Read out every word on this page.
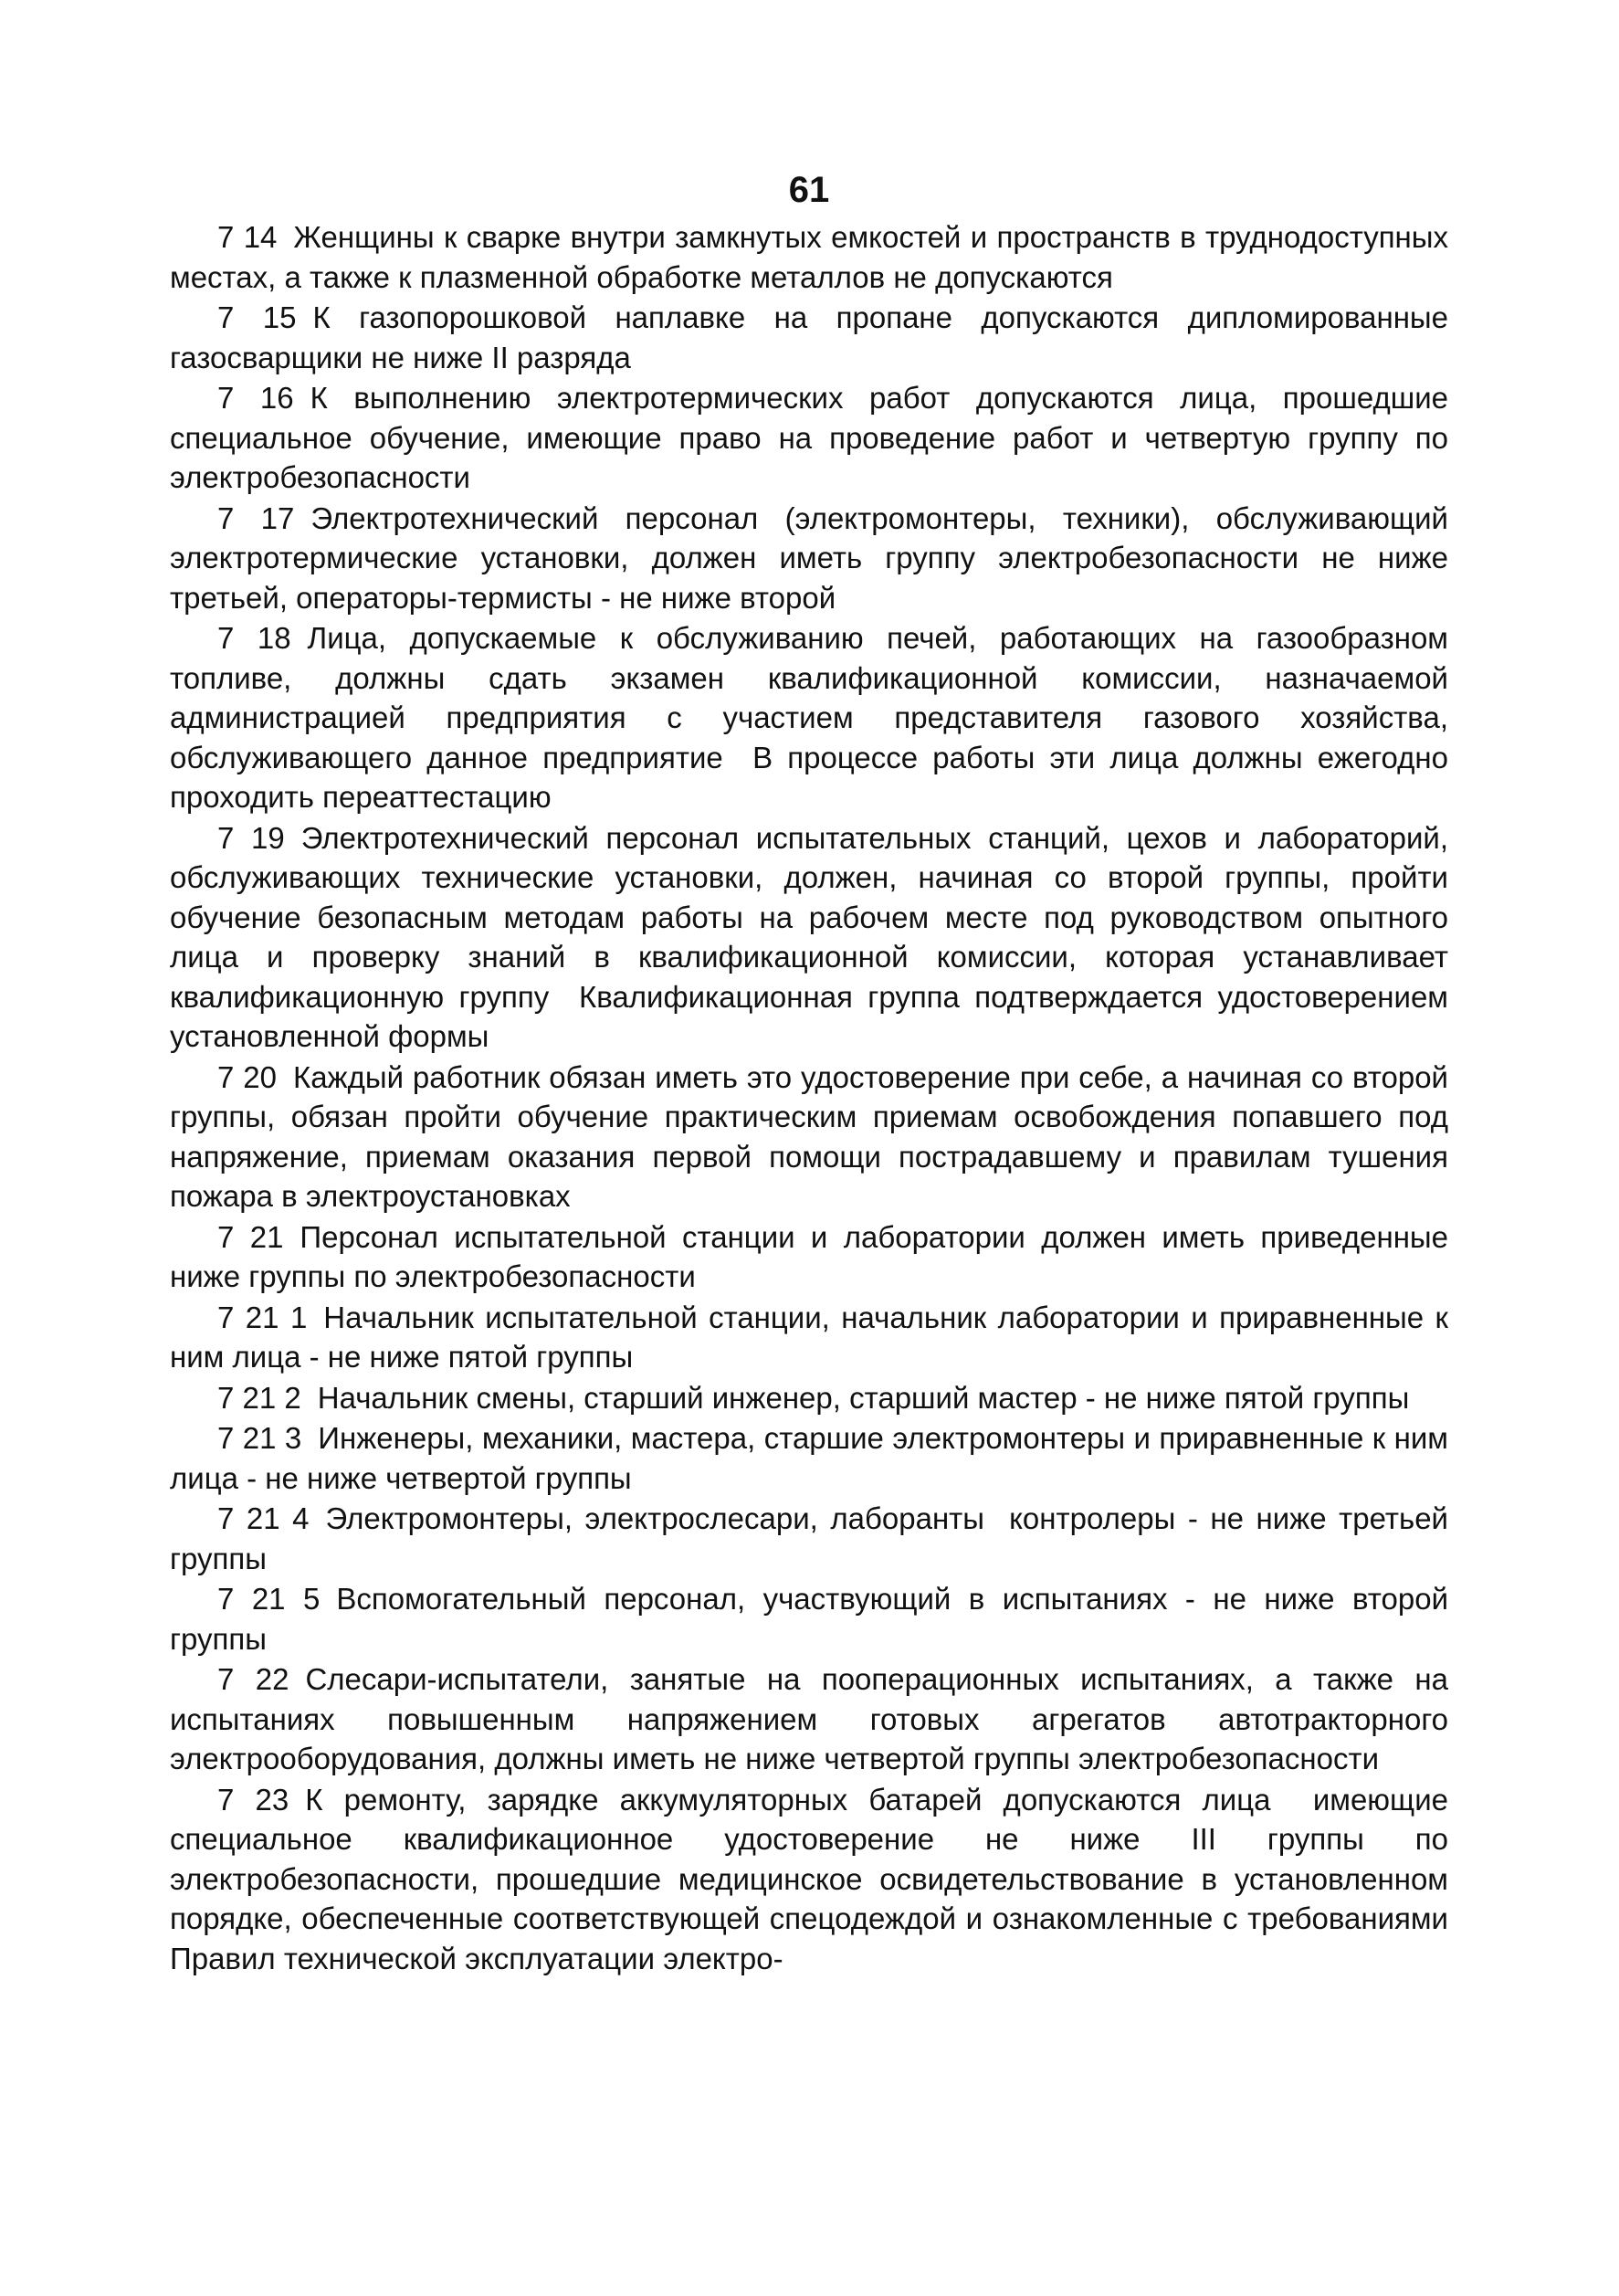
61

7 14 Женщины к сварке внутри замкнутых емкостей и пространств в труднодоступных местах, а также к плазменной обработке металлов не допускаются

7 15 К газопорошковой наплавке на пропане допускаются дипломированные газосварщики не ниже II разряда

7 16 К выполнению электротермических работ допускаются лица, прошедшие специальное обучение, имеющие право на проведение работ и четвертую группу по электробезопасности

7 17 Электротехнический персонал (электромонтеры, техники), обслуживающий электротермические установки, должен иметь группу электробезопасности не ниже третьей, операторы-термисты - не ниже второй

7 18 Лица, допускаемые к обслуживанию печей, работающих на газообразном топливе, должны сдать экзамен квалификационной комиссии, назначаемой администрацией предприятия с участием представителя газового хозяйства, обслуживающего данное предприятие  В процессе работы эти лица должны ежегодно проходить переаттестацию

7 19 Электротехнический персонал испытательных станций, цехов и лабораторий, обслуживающих технические установки, должен, начиная со второй группы, пройти обучение безопасным методам работы на рабочем месте под руководством опытного лица и проверку знаний в квалификационной комиссии, которая устанавливает квалификационную группу  Квалификационная группа подтверждается удостоверением установленной формы

7 20 Каждый работник обязан иметь это удостоверение при себе, а начиная со второй группы, обязан пройти обучение практическим приемам освобождения попавшего под напряжение, приемам оказания первой помощи пострадавшему и правилам тушения пожара в электроустановках

7 21 Персонал испытательной станции и лаборатории должен иметь приведенные ниже группы по электробезопасности

7 21 1 Начальник испытательной станции, начальник лаборатории и приравненные к ним лица - не ниже пятой группы

7 21 2 Начальник смены, старший инженер, старший мастер - не ниже пятой группы

7 21 3 Инженеры, механики, мастера, старшие электромонтеры и приравненные к ним лица - не ниже четвертой группы

7 21 4 Электромонтеры, электрослесари, лаборанты  контролеры - не ниже третьей группы

7 21 5 Вспомогательный персонал, участвующий в испытаниях - не ниже второй группы

7 22 Слесари-испытатели, занятые на пооперационных испытаниях, а также на испытаниях повышенным напряжением готовых агрегатов автотракторного электрооборудования, должны иметь не ниже четвертой группы электробезопасности

7 23 К ремонту, зарядке аккумуляторных батарей допускаются лица  имеющие специальное квалификационное удостоверение не ниже III группы по электробезопасности, прошедшие медицинское освидетельствование в установленном порядке, обеспеченные соответствующей спецодеждой и ознакомленные с требованиями Правил технической эксплуатации электро-
